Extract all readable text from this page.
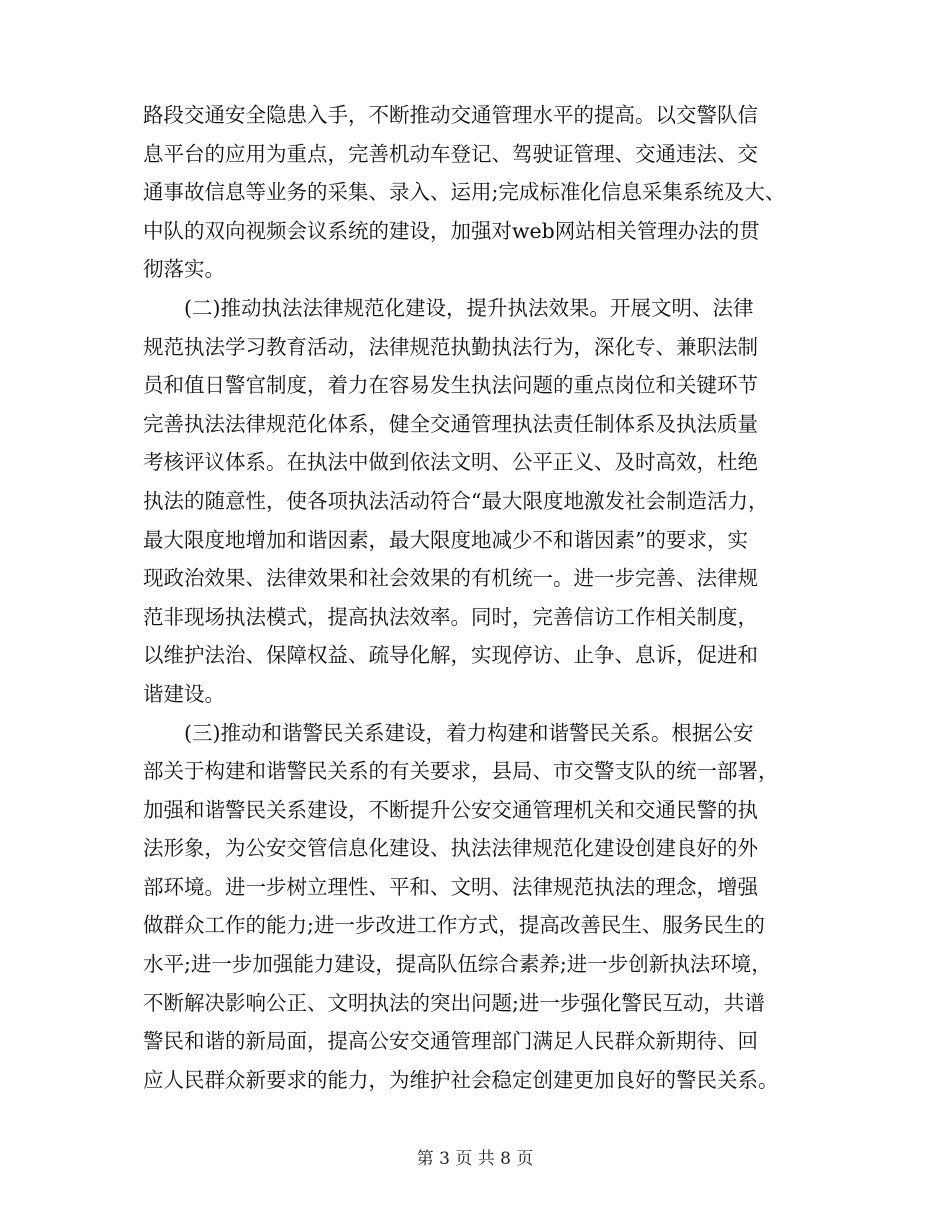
路段交通安全隐患入手，不断推动交通管理水平的提高。以交警队信
息平台的应用为重点，完善机动车登记、驾驶证管理、交通违法、交
通事故信息等业务的采集、录入、运用;完成标准化信息采集系统及大、
中队的双向视频会议系统的建设，加强对web网站相关管理办法的贯
彻落实。
(二)推动执法法律规范化建设，提升执法效果。开展文明、法律
规范执法学习教育活动，法律规范执勤执法行为，深化专、兼职法制
员和值日警官制度，着力在容易发生执法问题的重点岗位和关键环节
完善执法法律规范化体系，健全交通管理执法责任制体系及执法质量
考核评议体系。在执法中做到依法文明、公平正义、及时高效，杜绝
执法的随意性，使各项执法活动符合“最大限度地激发社会制造活力，
最大限度地增加和谐因素，最大限度地减少不和谐因素”的要求，实
现政治效果、法律效果和社会效果的有机统一。进一步完善、法律规
范非现场执法模式，提高执法效率。同时，完善信访工作相关制度，
以维护法治、保障权益、疏导化解，实现停访、止争、息诉，促进和
谐建设。
(三)推动和谐警民关系建设，着力构建和谐警民关系。根据公安
部关于构建和谐警民关系的有关要求，县局、市交警支队的统一部署，
加强和谐警民关系建设，不断提升公安交通管理机关和交通民警的执
法形象，为公安交管信息化建设、执法法律规范化建设创建良好的外
部环境。进一步树立理性、平和、文明、法律规范执法的理念，增强
做群众工作的能力;进一步改进工作方式，提高改善民生、服务民生的
水平;进一步加强能力建设，提高队伍综合素养;进一步创新执法环境，
不断解决影响公正、文明执法的突出问题;进一步强化警民互动，共谱
警民和谐的新局面，提高公安交通管理部门满足人民群众新期待、回
应人民群众新要求的能力，为维护社会稳定创建更加良好的警民关系。
第 3 页 共 8 页
